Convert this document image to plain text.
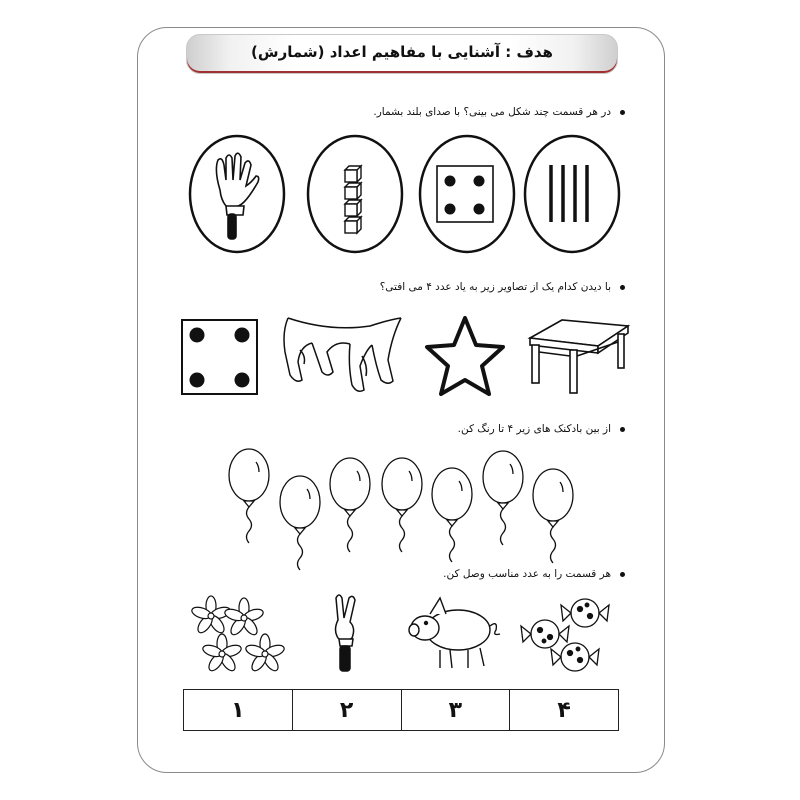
هدف : آشنایی با مفاهیم اعداد (شمارش)
در هر قسمت چند شکل می بینی؟ با صدای بلند بشمار.
با دیدن کدام یک از تصاویر زیر به یاد عدد ۴ می افتی؟
از بین بادکنک های زیر ۴ تا رنگ کن.
هر قسمت را به عدد مناسب وصل کن.
۱	۲	۳	۴
